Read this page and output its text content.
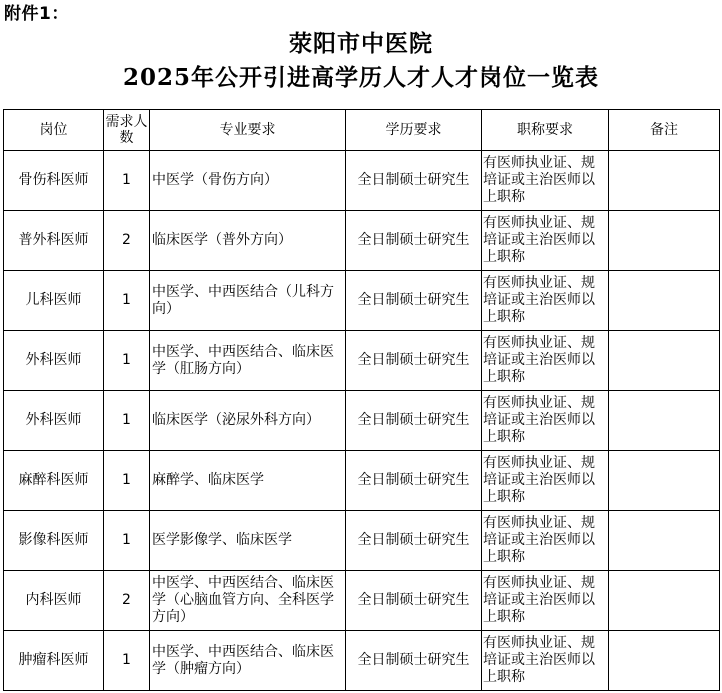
附件1：
荥阳市中医院
2025年公开引进高学历人才人才岗位一览表
岗位	需求人数	专业要求	学历要求	职称要求	备注
骨伤科医师	1	中医学（骨伤方向）	全日制硕士研究生	有医师执业证、规培证或主治医师以上职称	
普外科医师	2	临床医学（普外方向）	全日制硕士研究生	有医师执业证、规培证或主治医师以上职称	
儿科医师	1	中医学、中西医结合（儿科方向）	全日制硕士研究生	有医师执业证、规培证或主治医师以上职称	
外科医师	1	中医学、中西医结合、临床医学（肛肠方向）	全日制硕士研究生	有医师执业证、规培证或主治医师以上职称	
外科医师	1	临床医学（泌尿外科方向）	全日制硕士研究生	有医师执业证、规培证或主治医师以上职称	
麻醉科医师	1	麻醉学、临床医学	全日制硕士研究生	有医师执业证、规培证或主治医师以上职称	
影像科医师	1	医学影像学、临床医学	全日制硕士研究生	有医师执业证、规培证或主治医师以上职称	
内科医师	2	中医学、中西医结合、临床医学（心脑血管方向、全科医学方向）	全日制硕士研究生	有医师执业证、规培证或主治医师以上职称	
肿瘤科医师	1	中医学、中西医结合、临床医学（肿瘤方向）	全日制硕士研究生	有医师执业证、规培证或主治医师以上职称	
